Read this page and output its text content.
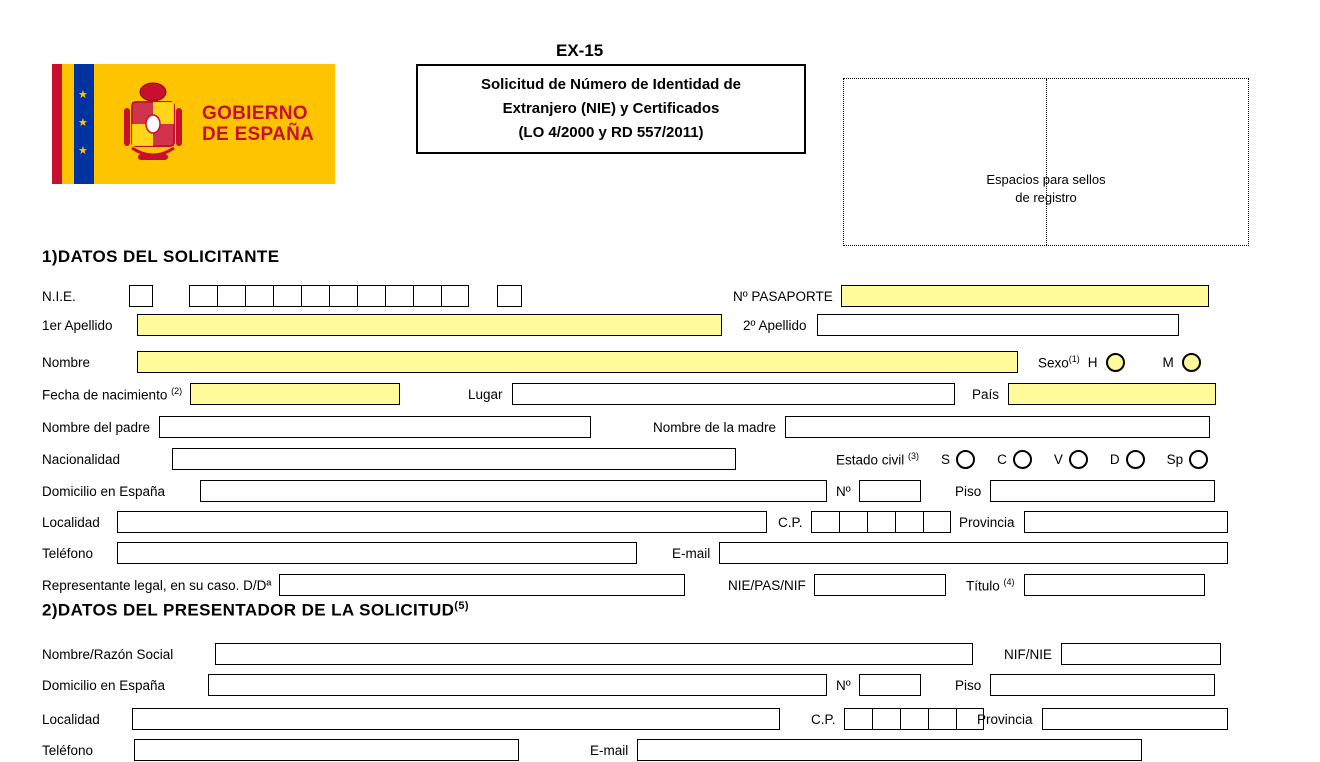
★
★
★
GOBIERNO
DE ESPAÑA
EX-15
Solicitud de Número de Identidad de
Extranjero (NIE) y Certificados
(LO 4/2000 y RD 557/2011)
Espacios para sellos
de registro
1)DATOS DEL SOLICITANTE
N.I.E.	Nº PASAPORTE
1er Apellido	2º Apellido
Nombre	Sexo$^{(1)}$ H	M
Fecha de nacimiento $^{(2)}$	Lugar	País
Nombre del padre	Nombre de la madre
Nacionalidad	Estado civil $^{(3)}$ S	C	V	D	Sp
Domicilio en España	Nº	Piso
Localidad	C.P.	Provincia
Teléfono	E-mail
Representante legal, en su caso. D/Dª	NIE/PAS/NIF	Título $^{(4)}$
2)DATOS DEL PRESENTADOR DE LA SOLICITUD$^{(5)}$
Nombre/Razón Social	NIF/NIE
Domicilio en España	Nº	Piso
Localidad	C.P.	Provincia
Teléfono	E-mail
